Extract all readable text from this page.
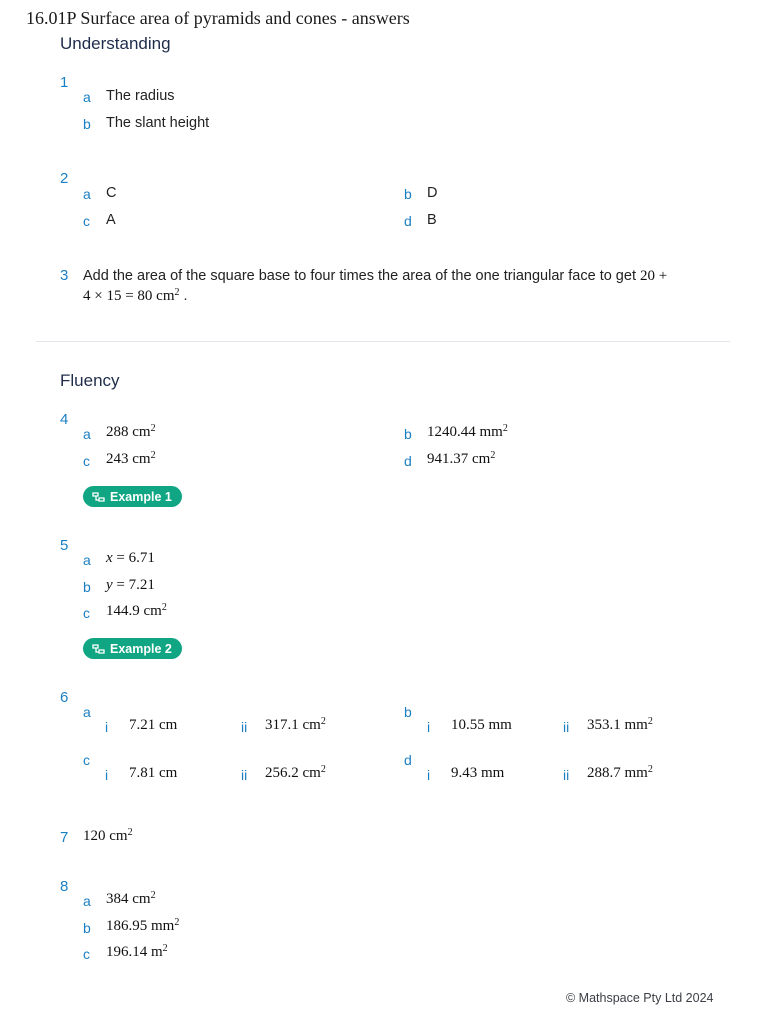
16.01P Surface area of pyramids and cones - answers
Understanding
1
a The radius
b The slant height
2
a C	b D
c A	d B
3 Add the area of the square base to four times the area of the one triangular face to get 20 +
4 × 15 = 80 $cm^2$ .
Fluency
4
a 288 $cm^2$	b 1240.44 $mm^2$
c 243 $cm^2$	d 941.37 $cm^2$
Example 1
5
a x = 6.71
b y = 7.21
c 144.9 $cm^2$
Example 2
6
a	b
i 7.21 cm	ii 317.1 $cm^2$	i 10.55 mm	ii 353.1 $mm^2$
c	d
i 7.81 cm	ii 256.2 $cm^2$	i 9.43 mm	ii 288.7 $mm^2$
7 120 $cm^2$
8
a 384 $cm^2$
b 186.95 $mm^2$
c 196.14 $m^2$
© Mathspace Pty Ltd 2024
